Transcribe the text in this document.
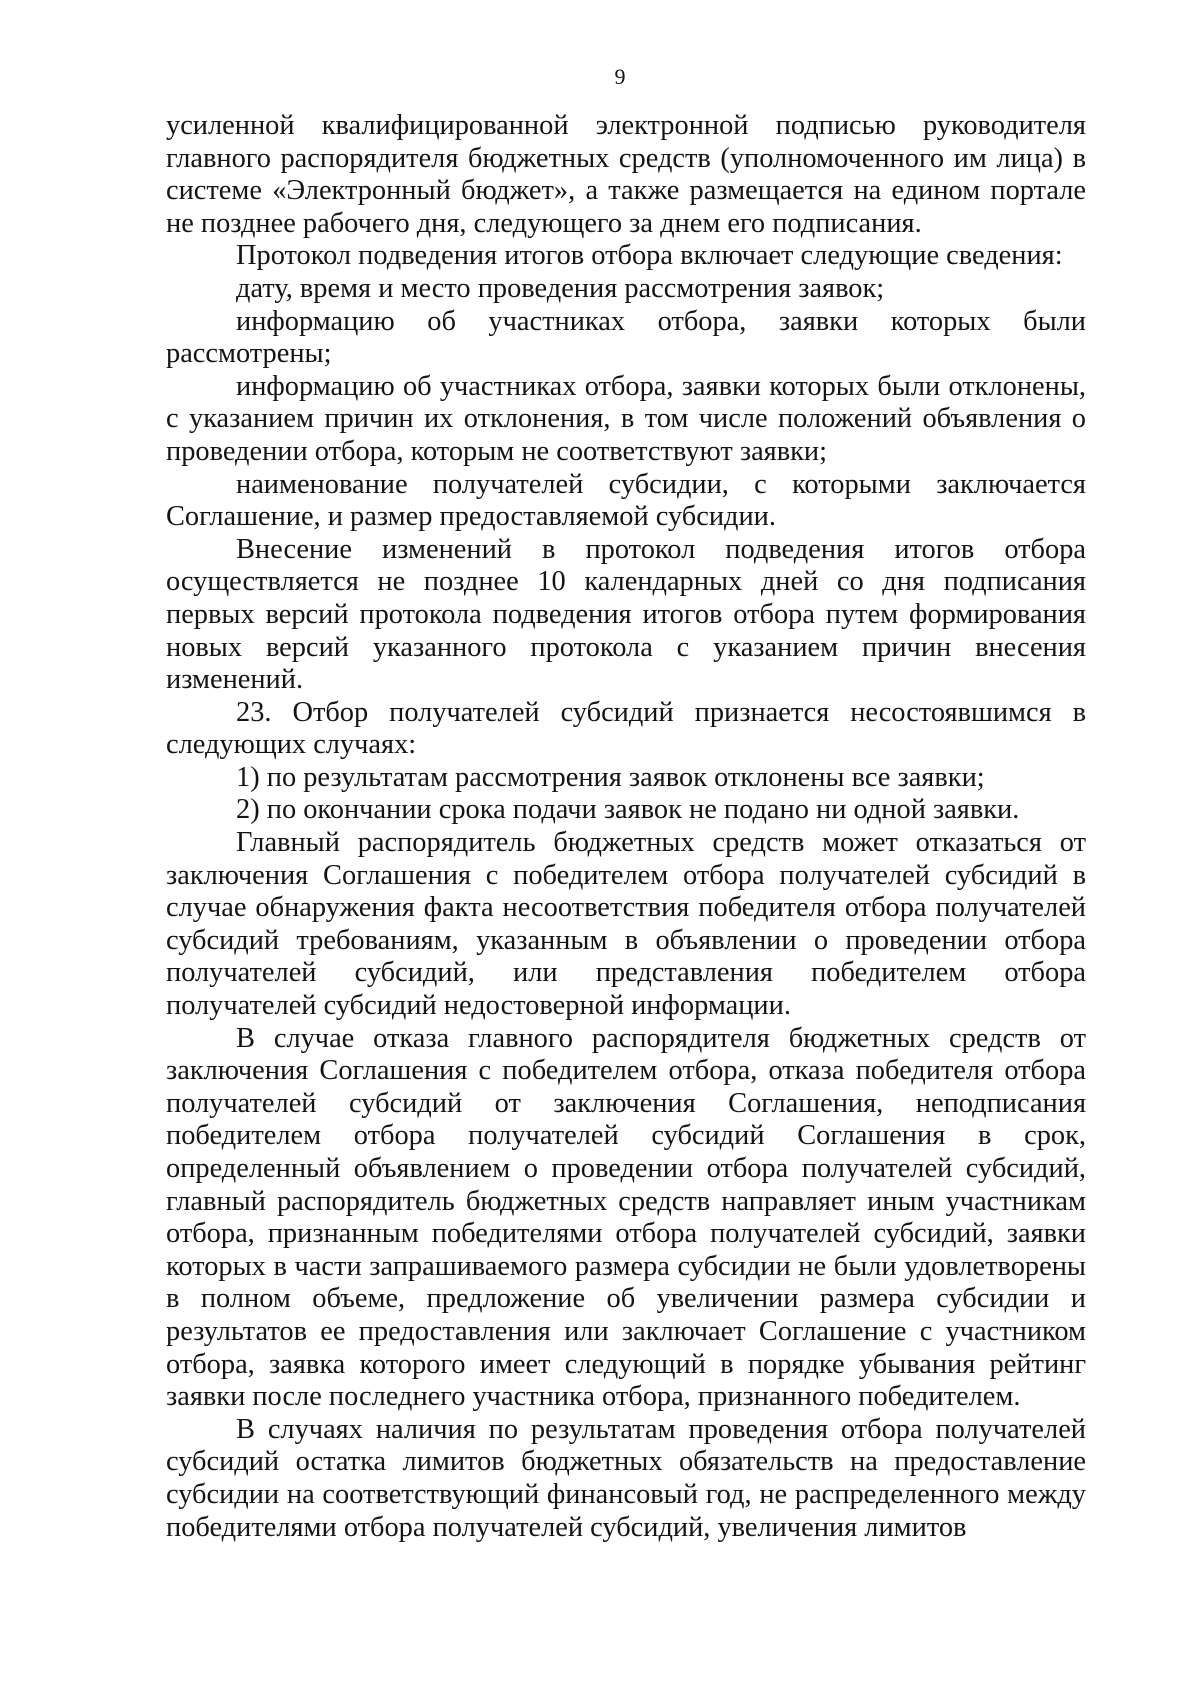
9

усиленной квалифицированной электронной подписью руководителя главного распорядителя бюджетных средств (уполномоченного им лица) в системе «Электронный бюджет», а также размещается на едином портале не позднее рабочего дня, следующего за днем его подписания.

Протокол подведения итогов отбора включает следующие сведения:

дату, время и место проведения рассмотрения заявок;

информацию об участниках отбора, заявки которых были рассмотрены;

информацию об участниках отбора, заявки которых были отклонены, с указанием причин их отклонения, в том числе положений объявления о проведении отбора, которым не соответствуют заявки;

наименование получателей субсидии, с которыми заключается Соглашение, и размер предоставляемой субсидии.

Внесение изменений в протокол подведения итогов отбора осуществляется не позднее 10 календарных дней со дня подписания первых версий протокола подведения итогов отбора путем формирования новых версий указанного протокола с указанием причин внесения изменений.

23. Отбор получателей субсидий признается несостоявшимся в следующих случаях:

1) по результатам рассмотрения заявок отклонены все заявки;

2) по окончании срока подачи заявок не подано ни одной заявки.

Главный распорядитель бюджетных средств может отказаться от заключения Соглашения с победителем отбора получателей субсидий в случае обнаружения факта несоответствия победителя отбора получателей субсидий требованиям, указанным в объявлении о проведении отбора получателей субсидий, или представления победителем отбора получателей субсидий недостоверной информации.

В случае отказа главного распорядителя бюджетных средств от заключения Соглашения с победителем отбора, отказа победителя отбора получателей субсидий от заключения Соглашения, неподписания победителем отбора получателей субсидий Соглашения в срок, определенный объявлением о проведении отбора получателей субсидий, главный распорядитель бюджетных средств направляет иным участникам отбора, признанным победителями отбора получателей субсидий, заявки которых в части запрашиваемого размера субсидии не были удовлетворены в полном объеме, предложение об увеличении размера субсидии и результатов ее предоставления или заключает Соглашение с участником отбора, заявка которого имеет следующий в порядке убывания рейтинг заявки после последнего участника отбора, признанного победителем.

В случаях наличия по результатам проведения отбора получателей субсидий остатка лимитов бюджетных обязательств на предоставление субсидии на соответствующий финансовый год, не распределенного между победителями отбора получателей субсидий, увеличения лимитов
